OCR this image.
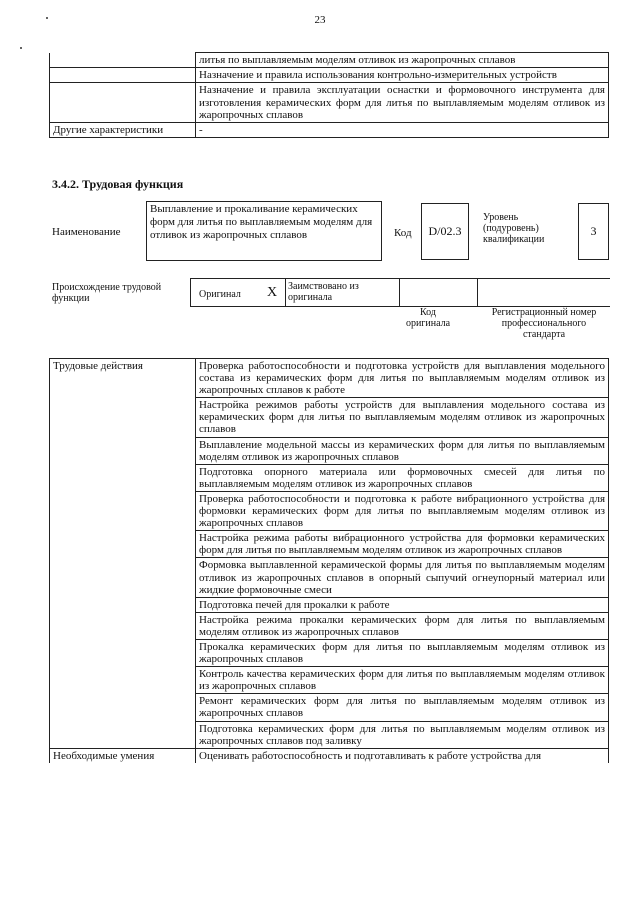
23
	литья по выплавляемым моделям отливок из жаропрочных сплавов
	Назначение и правила использования контрольно-измерительных устройств
	Назначение и правила эксплуатации оснастки и формовочного инструмента для изготовления керамических форм для литья по выплавляемым моделям отливок из жаропрочных сплавов
Другие характеристики	-
3.4.2. Трудовая функция
Наименование
Выплавление и прокаливание керамических форм для литья по выплавляемым моделям для отливок из жаропрочных сплавов	Код	D/02.3
Уровень (подуровень) квалификации
3
Происхождение трудовой функции	Оригинал X Заимствовано из оригинала
Код оригинала
Регистрационный номер профессионального стандарта
Трудовые действия	Проверка работоспособности и подготовка устройств для выплавления модельного состава из керамических форм для литья по выплавляемым моделям отливок из жаропрочных сплавов к работе
	Настройка режимов работы устройств для выплавления модельного состава из керамических форм для литья по выплавляемым моделям отливок из жаропрочных сплавов
	Выплавление модельной массы из керамических форм для литья по выплавляемым моделям отливок из жаропрочных сплавов
	Подготовка опорного материала или формовочных смесей для литья по выплавляемым моделям отливок из жаропрочных сплавов
	Проверка работоспособности и подготовка к работе вибрационного устройства для формовки керамических форм для литья по выплавляемым моделям отливок из жаропрочных сплавов
	Настройка режима работы вибрационного устройства для формовки керамических форм для литья по выплавляемым моделям отливок из жаропрочных сплавов
	Формовка выплавленной керамической формы для литья по выплавляемым моделям отливок из жаропрочных сплавов в опорный сыпучий огнеупорный материал или жидкие формовочные смеси
	Подготовка печей для прокалки к работе
	Настройка режима прокалки керамических форм для литья по выплавляемым моделям отливок из жаропрочных сплавов
	Прокалка керамических форм для литья по выплавляемым моделям отливок из жаропрочных сплавов
	Контроль качества керамических форм для литья по выплавляемым моделям отливок из жаропрочных сплавов
	Ремонт керамических форм для литья по выплавляемым моделям отливок из жаропрочных сплавов
	Подготовка керамических форм для литья по выплавляемым моделям отливок из жаропрочных сплавов под заливку
Необходимые умения	Оценивать работоспособность и подготавливать к работе устройства для
